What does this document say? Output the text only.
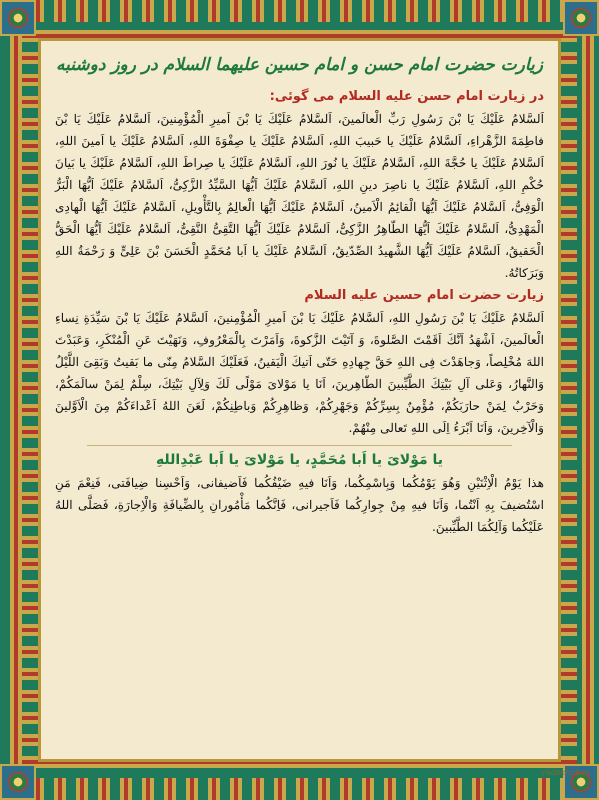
زیارت حضرت امام حسن و امام حسین علیهما السلام در روز دوشنبه
در زیارت امام حسن علیه السلام می گوئی:

اَلسَّلامُ عَلَیْكَ یَا بْنَ رَسُولِ رَبِّ الْعالَمینَ، اَلسَّلامُ عَلَیْكَ یَا بْنَ اَمیرِ الْمُؤْمِنینَ، اَلسَّلامُ عَلَیْكَ یَا بْنَ فاطِمَةَ الزَّهْراءِ، اَلسَّلامُ عَلَیْكَ یا حَبیبَ اللهِ، اَلسَّلامُ عَلَیْكَ یا صِفْوَةَ اللهِ، اَلسَّلامُ عَلَیْكَ یا اَمینَ اللهِ، اَلسَّلامُ عَلَیْكَ یا حُجَّةَ اللهِ، اَلسَّلامُ عَلَیْكَ یا نُورَ اللهِ، اَلسَّلامُ عَلَیْكَ یا صِراطَ اللهِ، اَلسَّلامُ عَلَیْكَ یا بَیانَ حُكْمِ اللهِ، اَلسَّلامُ عَلَیْكَ یا ناصِرَ دینِ اللهِ، اَلسَّلامُ عَلَیْكَ اَیُّهَا السَّیِّدُ الزَّكِیُّ، اَلسَّلامُ عَلَیْكَ اَیُّهَا الْبَرُّ الْوَفِیُّ، اَلسَّلامُ عَلَیْكَ اَیُّهَا الْقائِمُ الْاَمینُ، اَلسَّلامُ عَلَیْكَ اَیُّهَا الْعالِمُ بِالتَّأْویلِ، اَلسَّلامُ عَلَیْكَ اَیُّهَا الْهادِی الْمَهْدِیُّ، اَلسَّلامُ عَلَیْكَ اَیُّهَا الطّاهِرُ الزَّكِیُّ، اَلسَّلامُ عَلَیْكَ اَیُّهَا التَّقِیُّ النَّقِیُّ، اَلسَّلامُ عَلَیْكَ اَیُّهَا الْحَقُّ الْحَقیقُ، اَلسَّلامُ عَلَیْكَ اَیُّهَا الشَّهیدُ الصِّدّیقُ، اَلسَّلامُ عَلَیْكَ یا اَبا مُحَمَّدٍ الْحَسَنَ بْنَ عَلِیٍّ وَ رَحْمَةُ اللهِ وَبَرَكاتُهُ.

زیارت حضرت امام حسین علیه السلام

اَلسَّلامُ عَلَیْكَ یَا بْنَ رَسُولِ اللهِ، اَلسَّلامُ عَلَیْكَ یَا بْنَ اَمیرِ الْمُؤْمِنینَ، اَلسَّلامُ عَلَیْكَ یَا بْنَ سَیِّدَةِ نِساءِ الْعالَمینَ، اَشْهَدُ اَنَّكَ اَقَمْتَ الصَّلوةَ، وَ آتَیْتَ الزَّكوةَ، وَاَمَرْتَ بِالْمَعْرُوفِ، وَنَهَیْتَ عَنِ الْمُنْكَرِ، وَعَبَدْتَ اللهَ مُخْلِصاً، وَجاهَدْتَ فِی اللهِ حَقَّ جِهادِهِ حَتّی اَتیكَ الْیَقینُ، فَعَلَیْكَ السَّلامُ مِنّی ما بَقیتُ وَبَقِیَ اللَّیْلُ وَالنَّهارُ، وَعَلی آلِ بَیْتِكَ الطَّیِّبینَ الطّاهِرینَ، اَنَا یا مَوْلایَ مَوْلًی لَكَ وَلِآلِ بَیْتِكَ، سِلْمٌ لِمَنْ سالَمَكُمْ، وَحَرْبٌ لِمَنْ حارَبَكُمْ، مُؤْمِنٌ بِسِرِّكُمْ وَجَهْرِكُمْ، وَظاهِرِكُمْ وَباطِنِكُمْ، لَعَنَ اللهُ اَعْداءَكُمْ مِنَ الْاَوَّلینَ وَالْآخِرینَ، وَاَنَا اَبْرَءُ اِلَی اللهِ تَعالی مِنْهُمْ.

یا مَوْلایَ یا اَبا مُحَمَّدٍ، یا مَوْلایَ یا اَبا عَبْدِاللهِ

هذا یَوْمُ الْاِثْنَیْنِ وَهُوَ یَوْمُكُما وَبِاسْمِكُما، وَاَنَا فیهِ ضَیْفُكُما فَاَضیفانی، وَاَحْسِنا ضِیافَتی، فَنِعْمَ مَنِ اسْتُضیفَ بِهِ اَنْتُما، وَاَنَا فیهِ مِنْ جِوارِكُما فَاَجیرانی، فَاِنَّكُما مَأْمُورانِ بِالضِّیافَةِ وَالْاِجارَةِ، فَصَلَّی اللهُ عَلَیْكُما وَآلِكُمَا الطَّیِّبینَ.

yadekhoban
